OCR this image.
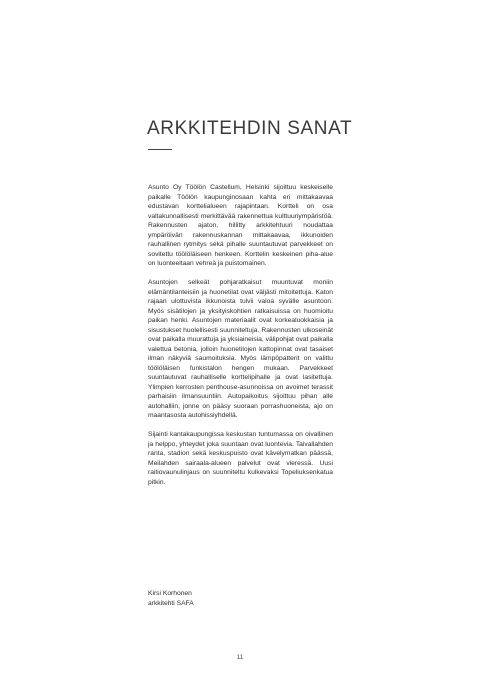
ARKKITEHDIN SANAT

Asunto Oy Töölön Castellum, Helsinki sijoittuu keskeiselle paikalle Töölön kaupunginosaan kahta eri mittakaavaa edustavan korttelialueen rajapintaan. Kortteli on osa valtakunnallisesti merkittävää rakennettua kulttuuriympäristöä. Rakennusten ajaton, hillitty arkkitehtuuri noudattaa ympäröivän rakennuskannan mittakaavaa, ikkunoiden rauhallinen rytmitys sekä pihalle suuntautuvat parvekkeet on sovitettu töölöläiseen henkeen. Korttelin keskeinen piha-alue on luonteeltaan vehreä ja puistomainen.

Asuntojen selkeät pohjaratkaisut muuntuvat moniin elämäntilanteisiin ja huonetilat ovat väljästi mitoitettuja. Katon rajaan ulottuvista ikkunoista tulvii valoa syvälle asuntoon. Myös sisätilojen ja yksityiskohtien ratkaisuissa on huomioitu paikan henki. Asuntojen materiaalit ovat korkealuokkaisia ja sisustukset huolellisesti suunniteltuja. Rakennusten ulkoseinät ovat paikalla muurattuja ja yksiaineisia, välipohjat ovat paikalla valettua betonia, jolloin huonetilojen kattopinnat ovat tasaiset ilman näkyviä saumoituksia. Myös lämpöpatterit on valittu töölöläisen funkistalon hengen mukaan. Parvekkeet suuntautuvat rauhalliselle korttelipihalle ja ovat lasitettuja. Ylimpien kerrosten penthouse-asunnoissa on avoimet terassit parhaisiin ilmansuuntiin. Autopaikoitus sijoittuu pihan alle autohalliin, jonne on pääsy suoraan porrashuoneista, ajo on maantasosta autohissiyhdellä.

Sijainti kantakaupungissa keskustan tuntumassa on oivallinen ja helppo, yhteydet joka suuntaan ovat luontevia. Taivallahden ranta, stadion sekä keskuspuisto ovat kävelymatkan päässä, Meilahden sairaala-alueen palvelut ovat vieressä. Uusi raitiovaunulinjaus on suunniteltu kulkevaksi Topeliuksenkatua pitkin.

Kirsi Korhonen
arkkitehti SAFA
11
